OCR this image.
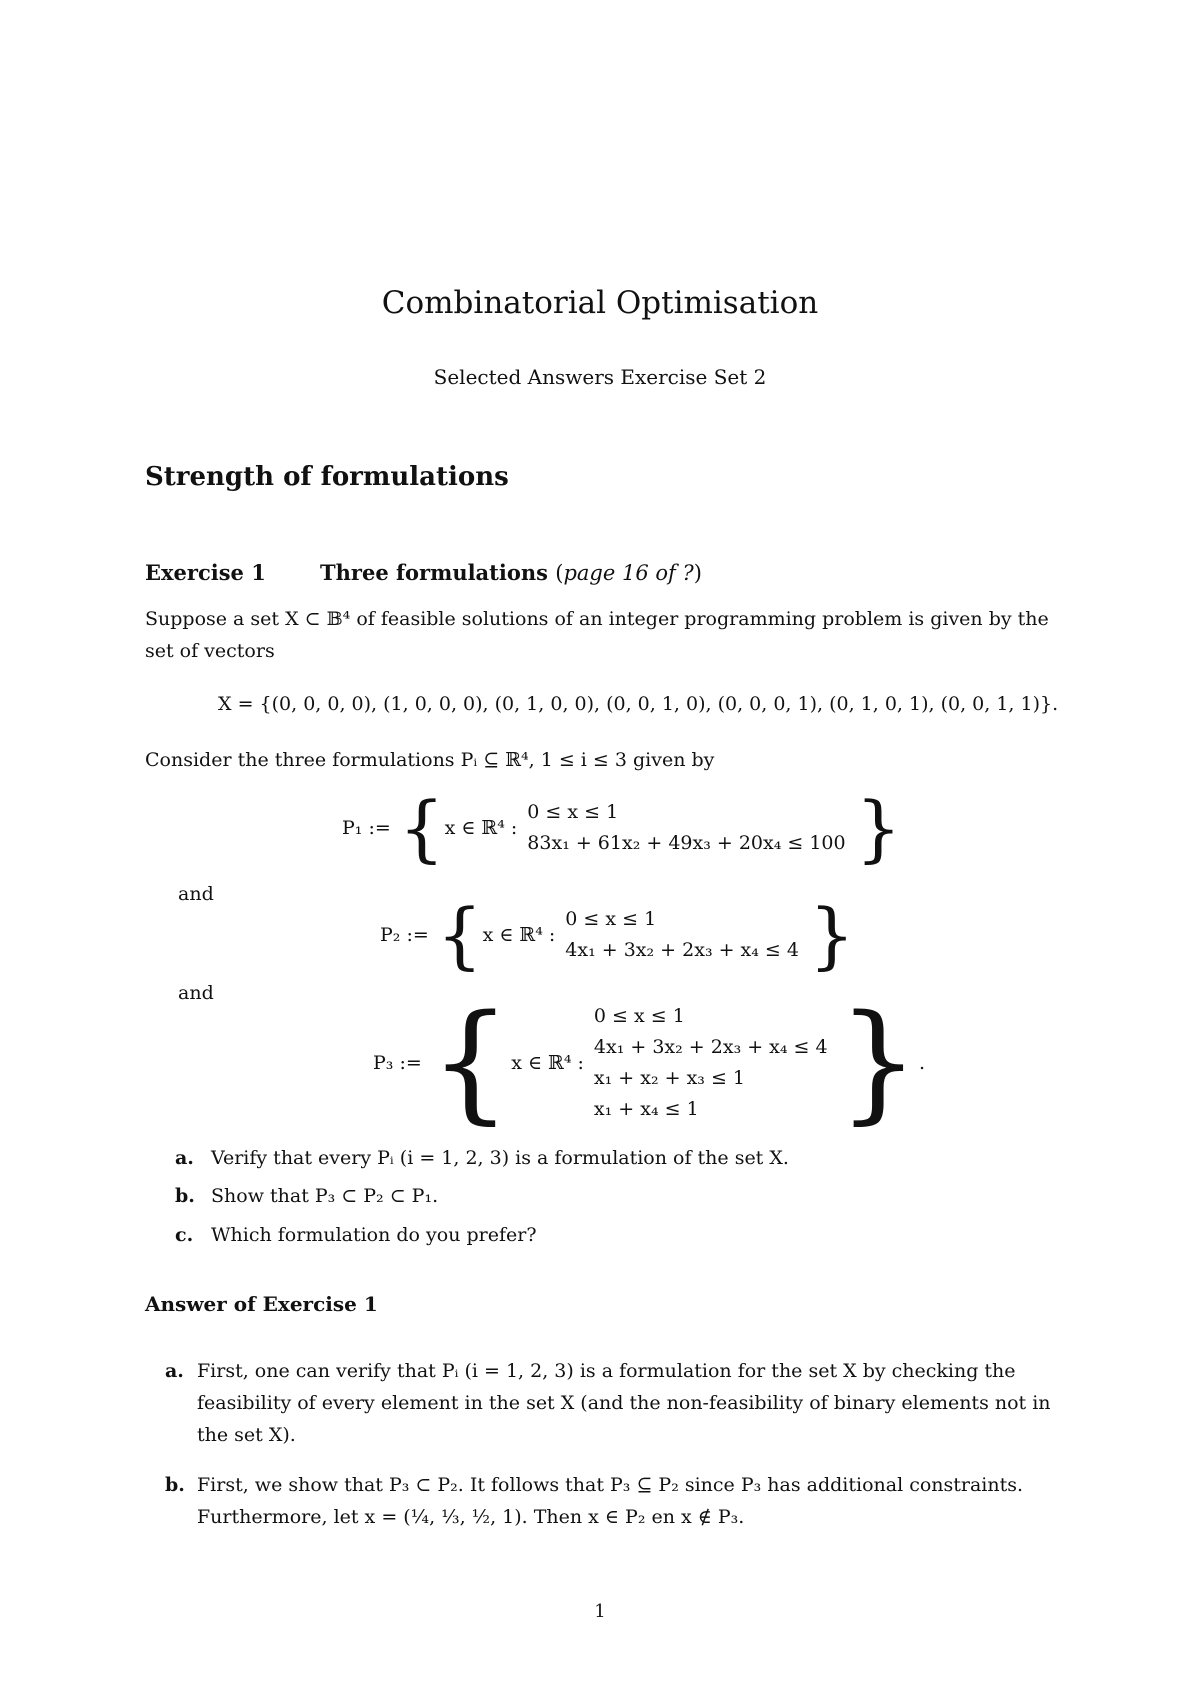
Combinatorial Optimisation
Selected Answers Exercise Set 2
Strength of formulations
Exercise 1	Three formulations (page 16 of ?)
Suppose a set X ⊂ 𝔹⁴ of feasible solutions of an integer programming problem is given by the
set of vectors
X = {(0, 0, 0, 0), (1, 0, 0, 0), (0, 1, 0, 0), (0, 0, 1, 0), (0, 0, 0, 1), (0, 1, 0, 1), (0, 0, 1, 1)}.
Consider the three formulations Pᵢ ⊆ ℝ⁴, 1 ≤ i ≤ 3 given by
P₁ := { x ∈ ℝ⁴ :
0 ≤ x ≤ 1
83x₁ + 61x₂ + 49x₃ + 20x₄ ≤ 100 }
and
P₂ := { x ∈ ℝ⁴ :
0 ≤ x ≤ 1
4x₁ + 3x₂ + 2x₃ + x₄ ≤ 4 }
and
P₃ := { x ∈ ℝ⁴ :
0 ≤ x ≤ 1
4x₁ + 3x₂ + 2x₃ + x₄ ≤ 4
x₁ + x₂ + x₃ ≤ 1
x₁ + x₄ ≤ 1	} .
a. Verify that every Pᵢ (i = 1, 2, 3) is a formulation of the set X.
b. Show that P₃ ⊂ P₂ ⊂ P₁.
c. Which formulation do you prefer?
Answer of Exercise 1
a. First, one can verify that Pᵢ (i = 1, 2, 3) is a formulation for the set X by checking the
feasibility of every element in the set X (and the non-feasibility of binary elements not in
the set X).
b. First, we show that P₃ ⊂ P₂. It follows that P₃ ⊆ P₂ since P₃ has additional constraints.
Furthermore, let x = (¼, ⅓, ½, 1). Then x ∈ P₂ en x ∉ P₃.
1
